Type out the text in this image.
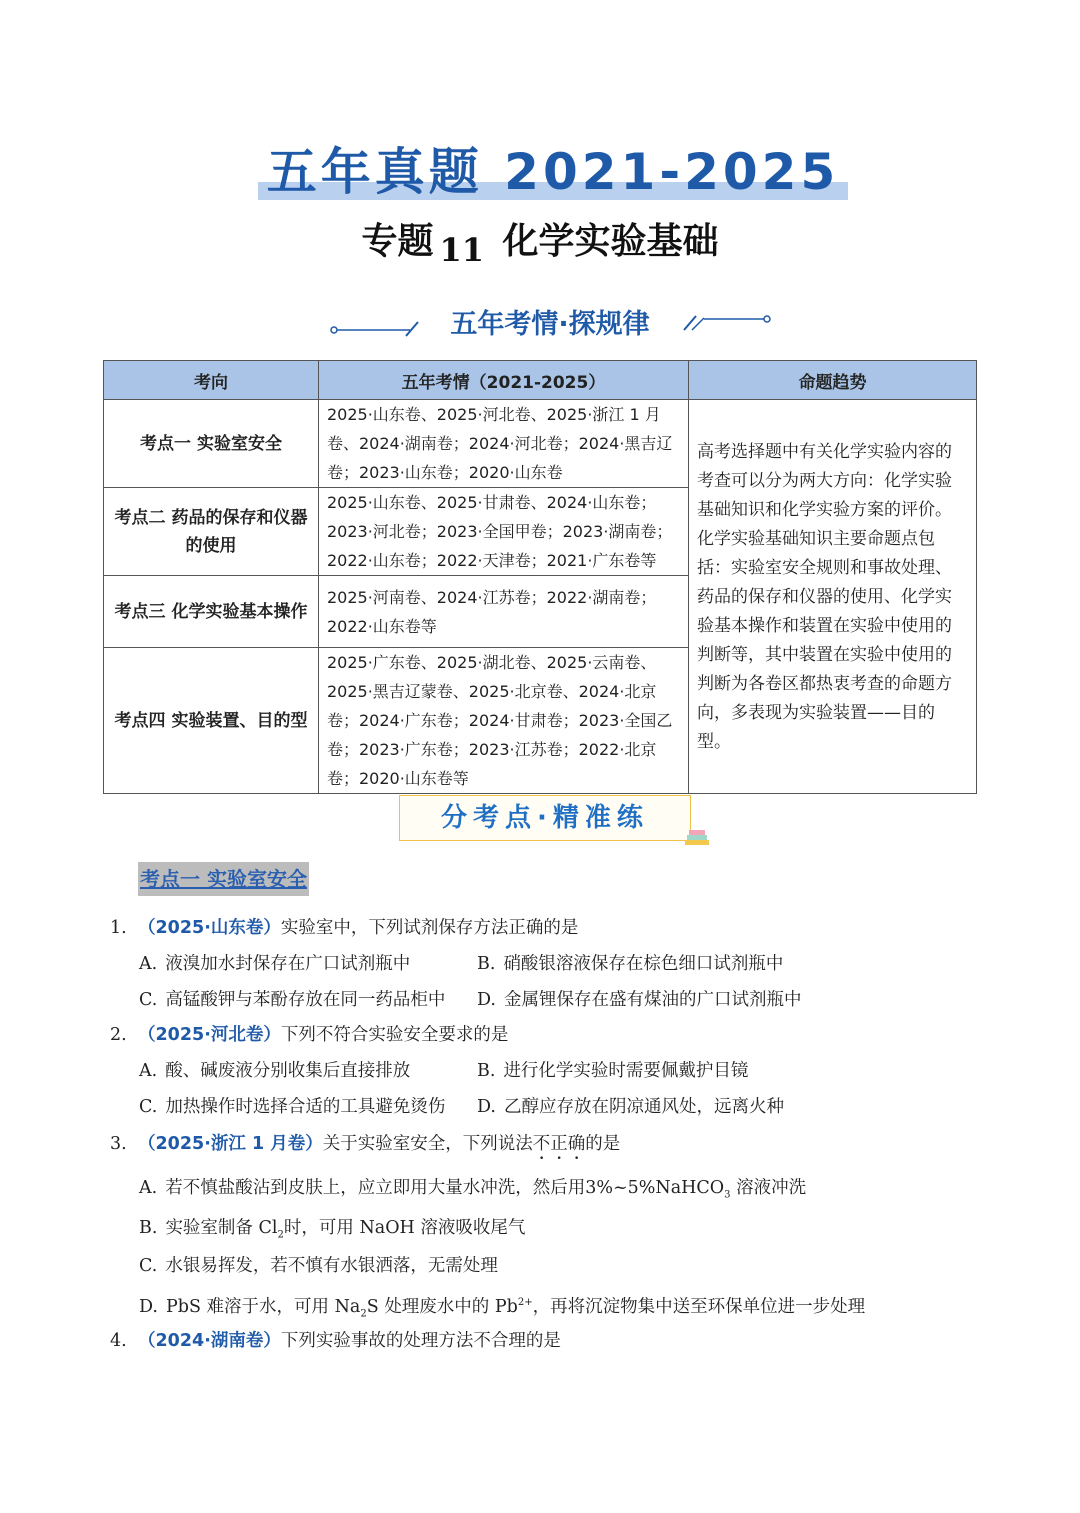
五年真题 2021-2025
专题 11 化学实验基础
五年考情·探规律
考向	五年考情（2021-2025）	命题趋势
考点一 实验室安全	2025·山东卷、2025·河北卷、2025·浙江 1 月卷、2024·湖南卷；2024·河北卷；2024·黑吉辽卷；2023·山东卷；2020·山东卷	高考选择题中有关化学实验内容的考查可以分为两大方向：化学实验基础知识和化学实验方案的评价。化学实验基础知识主要命题点包括：实验室安全规则和事故处理、药品的保存和仪器的使用、化学实验基本操作和装置在实验中使用的判断等，其中装置在实验中使用的判断为各卷区都热衷考查的命题方向，多表现为实验装置——目的型。

考点二 药品的保存和仪器的使用	2025·山东卷、2025·甘肃卷、2024·山东卷；2023·河北卷；2023·全国甲卷；2023·湖南卷；2022·山东卷；2022·天津卷；2021·广东卷等	
考点三 化学实验基本操作	2025·河南卷、2024·江苏卷；2022·湖南卷；2022·山东卷等	
考点四 实验装置、目的型	2025·广东卷、2025·湖北卷、2025·云南卷、2025·黑吉辽蒙卷、2025·北京卷、2024·北京卷；2024·广东卷；2024·甘肃卷；2023·全国乙卷；2023·广东卷；2023·江苏卷；2022·北京卷；2020·山东卷等	
分考点·精准练
考点一 实验室安全
1. （2025·山东卷）实验室中，下列试剂保存方法正确的是
A. 液溴加水封保存在广口试剂瓶中	B. 硝酸银溶液保存在棕色细口试剂瓶中
C. 高锰酸钾与苯酚存放在同一药品柜中 D. 金属锂保存在盛有煤油的广口试剂瓶中
2. （2025·河北卷）下列不符合实验安全要求的是
A. 酸、碱废液分别收集后直接排放	B. 进行化学实验时需要佩戴护目镜
C. 加热操作时选择合适的工具避免烫伤 D. 乙醇应存放在阴凉通风处，远离火种
3. （2025·浙江 1 月卷）关于实验室安全，下列说法不正确的是
A. 若不慎盐酸沾到皮肤上，应立即用大量水冲洗，然后用3%~5%NaHCO$_3$ 溶液冲洗
B. 实验室制备 $Cl_2$时，可用 NaOH 溶液吸收尾气
C. 水银易挥发，若不慎有水银洒落，无需处理
D. PbS 难溶于水，可用 $Na_2S$ 处理废水中的 $Pb^{2+}$，再将沉淀物集中送至环保单位进一步处理
4. （2024·湖南卷）下列实验事故的处理方法不合理的是
